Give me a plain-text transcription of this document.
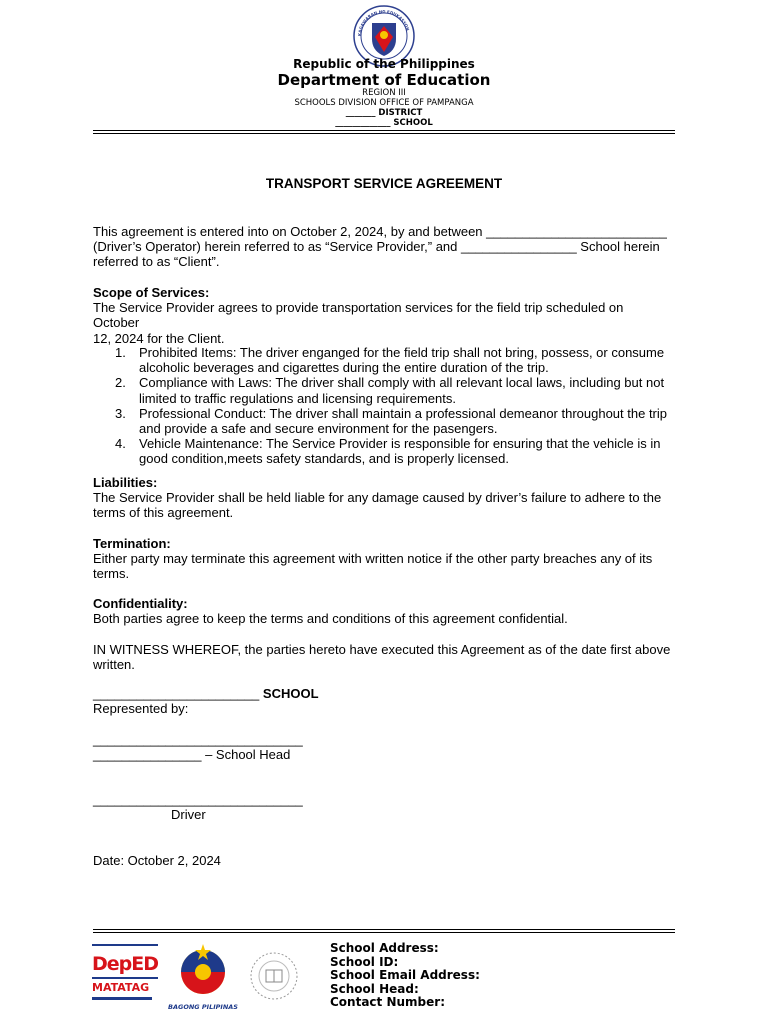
KAGAWARAN NG EDUKASYON
Republic of the Philippines
Department of Education
REGION III
SCHOOLS DIVISION OFFICE OF PAMPANGA
_______ DISTRICT
_____________ SCHOOL
TRANSPORT SERVICE AGREEMENT
This agreement is entered into on October 2, 2024, by and between _________________________
(Driver’s Operator) herein referred to as “Service Provider,” and ________________ School herein
referred to as “Client”.
Scope of Services:
The Service Provider agrees to provide transportation services for the field trip scheduled on October
12, 2024 for the Client.
1. Prohibited Items: The driver enganged for the field trip shall not bring, possess, or consume
alcoholic beverages and cigarettes during the entire duration of the trip.
2. Compliance with Laws: The driver shall comply with all relevant local laws, including but not
limited to traffic regulations and licensing requirements.
3. Professional Conduct: The driver shall maintain a professional demeanor throughout the trip
and provide a safe and secure environment for the pasengers.
4. Vehicle Maintenance: The Service Provider is responsible for ensuring that the vehicle is in
good condition,meets safety standards, and is properly licensed.
Liabilities:
The Service Provider shall be held liable for any damage caused by driver’s failure to adhere to the
terms of this agreement.
Termination:
Either party may terminate this agreement with written notice if the other party breaches any of its
terms.
Confidentiality:
Both parties agree to keep the terms and conditions of this agreement confidential.
IN WITNESS WHEREOF, the parties hereto have executed this Agreement as of the date first above
written.
_______________________ SCHOOL
Represented by:
_____________________________
_______________ – School Head
_____________________________
Driver
Date: October 2, 2024
DepED
MATATAG
BAGONG PILIPINAS
School Address:
School ID:
School Email Address:
School Head:
Contact Number:
